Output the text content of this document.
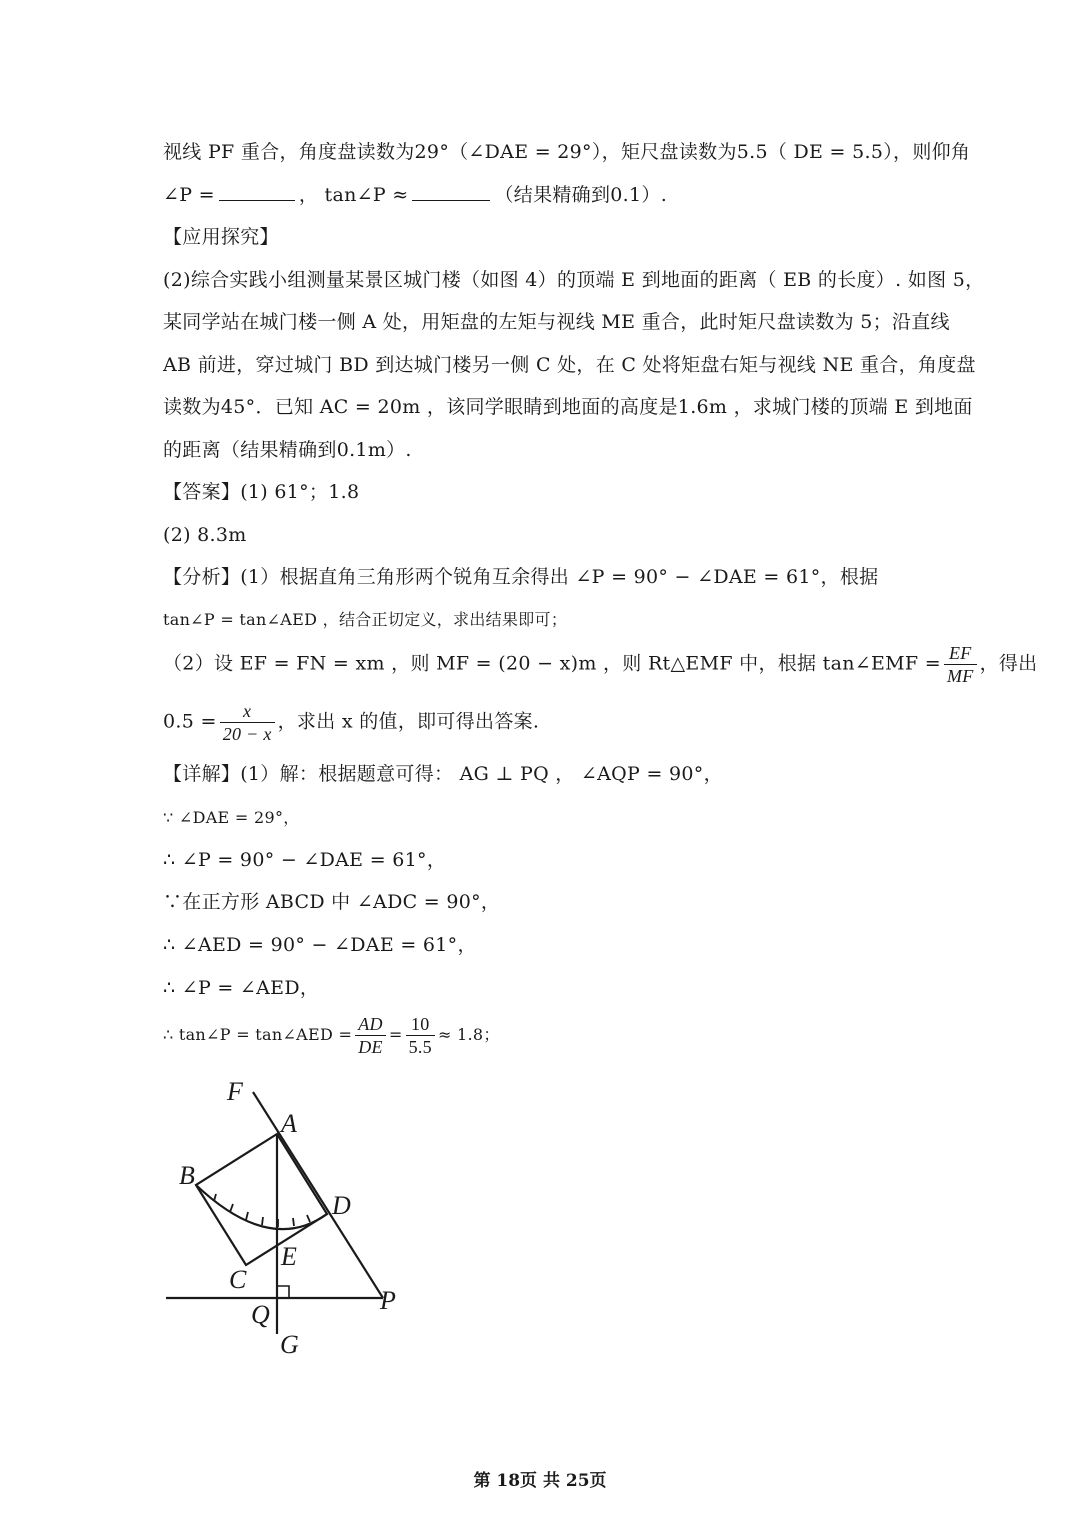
视线 PF 重合，角度盘读数为29°（∠DAE = 29°），矩尺盘读数为5.5（ DE = 5.5），则仰角
∠P =	， tan∠P ≈	（结果精确到0.1）.
【应用探究】
(2)综合实践小组测量某景区城门楼（如图 4）的顶端 E 到地面的距离（ EB 的长度）. 如图 5，
某同学站在城门楼一侧 A 处，用矩盘的左矩与视线 ME 重合，此时矩尺盘读数为 5；沿直线
AB 前进，穿过城门 BD 到达城门楼另一侧 C 处，在 C 处将矩盘右矩与视线 NE 重合，角度盘
读数为45°．已知 AC = 20m ，该同学眼睛到地面的高度是1.6m ，求城门楼的顶端 E 到地面
的距离（结果精确到0.1m）.
【答案】(1) 61°；1.8
(2) 8.3m
【分析】(1）根据直角三角形两个锐角互余得出 ∠P = 90° − ∠DAE = 61°，根据
tan∠P = tan∠AED ，结合正切定义，求出结果即可；
（2）设 EF = FN = xm ，则 MF = (20 − x)m ，则 Rt△EMF 中，根据 tan∠EMF = $\frac{EF}{MF}$ ，得出
$0.5 = \frac{x}{20 - x}$ ，求出 x 的值，即可得出答案.
【详解】(1）解：根据题意可得： AG ⊥ PQ ， ∠AQP = 90°，
∵ ∠DAE = 29°，
∴ ∠P = 90° − ∠DAE = 61°，
∵在正方形 ABCD 中 ∠ADC = 90°，
∴ ∠AED = 90° − ∠DAE = 61°，
∴ ∠P = ∠AED，
∴ tan∠P = tan∠AED = $\frac{AD}{DE} = \frac{10}{5.5} \approx 1.8$；
F
A
B
D
E
C
Q	P
G
第 18页 共 25页
